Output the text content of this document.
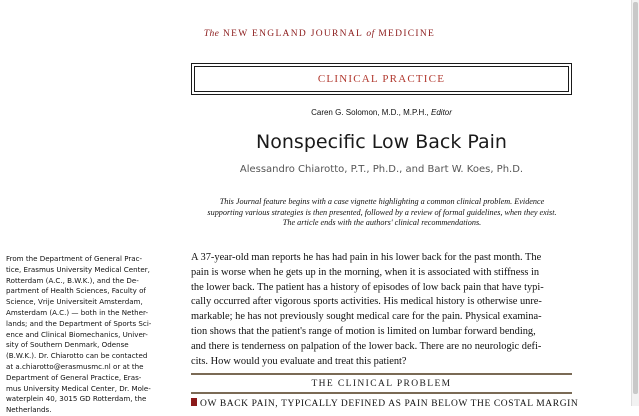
The NEW ENGLAND JOURNAL of MEDICINE
CLINICAL PRACTICE
Caren G. Solomon, M.D., M.P.H., Editor
Nonspecific Low Back Pain
Alessandro Chiarotto, P.T., Ph.D., and Bart W. Koes, Ph.D.
This Journal feature begins with a case vignette highlighting a common clinical problem. Evidence
supporting various strategies is then presented, followed by a review of formal guidelines, when they exist.
The article ends with the authors' clinical recommendations.
From the Department of General Prac-
tice, Erasmus University Medical Center,
Rotterdam (A.C., B.W.K.), and the De-
partment of Health Sciences, Faculty of
Science, Vrije Universiteit Amsterdam,
Amsterdam (A.C.) — both in the Nether-
lands; and the Department of Sports Sci-
ence and Clinical Biomechanics, Univer-
sity of Southern Denmark, Odense
(B.W.K.). Dr. Chiarotto can be contacted
at a.chiarotto@erasmusmc.nl or at the
Department of General Practice, Eras-
mus University Medical Center, Dr. Mole-
waterplein 40, 3015 GD Rotterdam, the
Netherlands.
A 37-year-old man reports he has had pain in his lower back for the past month. The
pain is worse when he gets up in the morning, when it is associated with stiffness in
the lower back. The patient has a history of episodes of low back pain that have typi-
cally occurred after vigorous sports activities. His medical history is otherwise unre-
markable; he has not previously sought medical care for the pain. Physical examina-
tion shows that the patient's range of motion is limited on lumbar forward bending,
and there is tenderness on palpation of the lower back. There are no neurologic defi-
cits. How would you evaluate and treat this patient?
THE CLINICAL PROBLEM
OW BACK PAIN, TYPICALLY DEFINED AS PAIN BELOW THE COSTAL MARGIN
